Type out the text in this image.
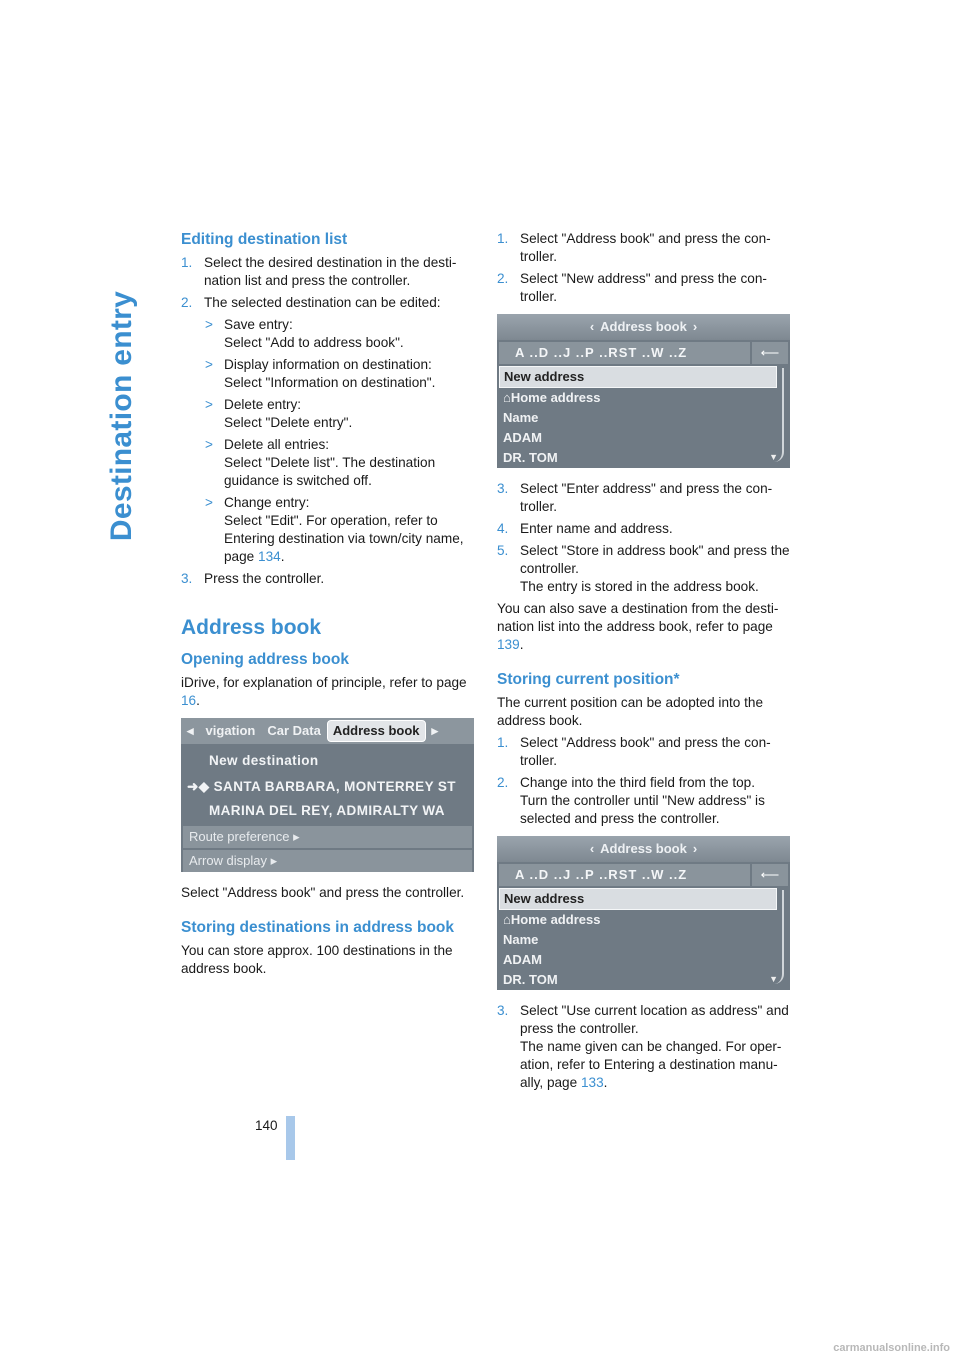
Destination entry
Editing destination list
1. Select the desired destination in the desti-nation list and press the controller.
2. The selected destination can be edited:
> Save entry:
Select "Add to address book".
> Display information on destination:
Select "Information on destination".
> Delete entry:
Select "Delete entry".
> Delete all entries:
Select "Delete list". The destination guidance is switched off.
> Change entry:
Select "Edit". For operation, refer to Entering destination via town/city name, page 134.
3. Press the controller.
Address book
Opening address book

iDrive, for explanation of principle, refer to page 16.

◂ vigation Car Data Address book ▸
New destination
➜◆ SANTA BARBARA, MONTERREY ST
MARINA DEL REY, ADMIRALTY WA
Route preference ▸
Arrow display ▸

Select "Address book" and press the controller.

Storing destinations in address book

You can store approx. 100 destinations in the address book.

1. Select "Address book" and press the con-troller.
2. Select "New address" and press the con-troller.
‹ Address book ›
A ..D ..J ..P ..RST ..W ..Z	⟵
New address
⌂Home address
Name
ADAM
DR. TOM	▼
3. Select "Enter address" and press the con-troller.
4. Enter name and address.
5. Select "Store in address book" and press the controller.
The entry is stored in the address book.

You can also save a destination from the desti-nation list into the address book, refer to page 139.

Storing current position*

The current position can be adopted into the address book.

1. Select "Address book" and press the con-troller.
2. Change into the third field from the top.
Turn the controller until "New address" is selected and press the controller.
‹ Address book ›
A ..D ..J ..P ..RST ..W ..Z	⟵
New address
⌂Home address
Name
ADAM
DR. TOM	▼
3. Select "Use current location as address" and press the controller.
The name given can be changed. For oper-ation, refer to Entering a destination manu-ally, page 133.
140
carmanualsonline.info
